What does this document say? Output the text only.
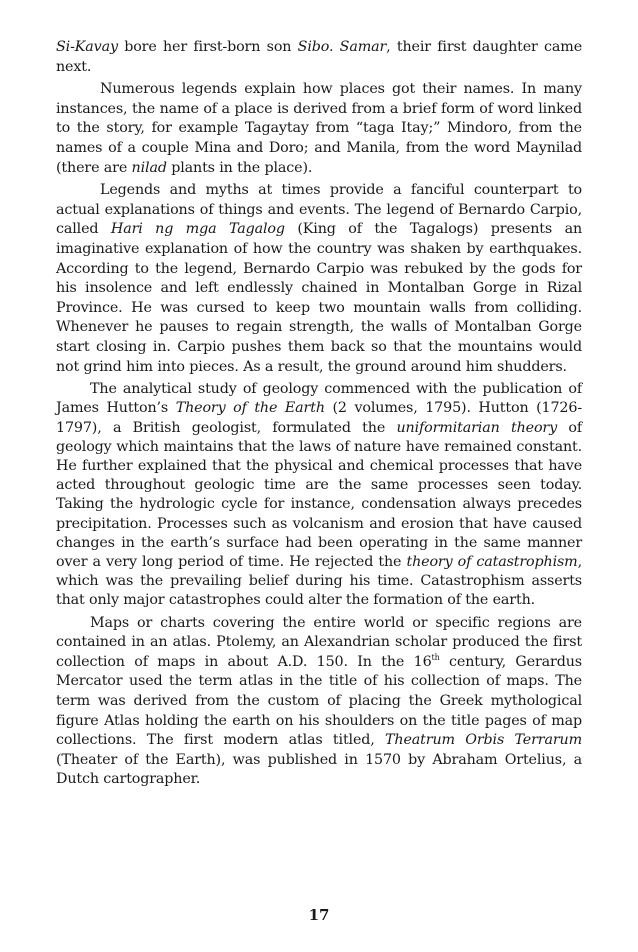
Si-Kavay bore her first-born son Sibo. Samar, their first daughter came next.

Numerous legends explain how places got their names. In many instances, the name of a place is derived from a brief form of word linked to the story, for example Tagaytay from “taga Itay;” Mindoro, from the names of a couple Mina and Doro; and Manila, from the word Maynilad (there are nilad plants in the place).

Legends and myths at times provide a fanciful counterpart to actual explanations of things and events. The legend of Bernardo Carpio, called Hari ng mga Tagalog (King of the Tagalogs) presents an imaginative explanation of how the country was shaken by earthquakes. According to the legend, Bernardo Carpio was rebuked by the gods for his insolence and left endlessly chained in Montalban Gorge in Rizal Province. He was cursed to keep two mountain walls from colliding. Whenever he pauses to regain strength, the walls of Montalban Gorge start closing in. Carpio pushes them back so that the mountains would not grind him into pieces. As a result, the ground around him shudders.

The analytical study of geology commenced with the publication of James Hutton’s Theory of the Earth (2 volumes, 1795). Hutton (1726-1797), a British geologist, formulated the uniformitarian theory of geology which maintains that the laws of nature have remained constant. He further explained that the physical and chemical processes that have acted throughout geologic time are the same processes seen today. Taking the hydrologic cycle for instance, condensation always precedes precipitation. Processes such as volcanism and erosion that have caused changes in the earth’s surface had been operating in the same manner over a very long period of time. He rejected the theory of catastrophism, which was the prevailing belief during his time. Catastrophism asserts that only major catastrophes could alter the formation of the earth.

Maps or charts covering the entire world or specific regions are contained in an atlas. Ptolemy, an Alexandrian scholar produced the first collection of maps in about A.D. 150. In the 16th century, Gerardus Mercator used the term atlas in the title of his collection of maps. The term was derived from the custom of placing the Greek mythological figure Atlas holding the earth on his shoulders on the title pages of map collections. The first modern atlas titled, Theatrum Orbis Terrarum (Theater of the Earth), was published in 1570 by Abraham Ortelius, a Dutch cartographer.

17
